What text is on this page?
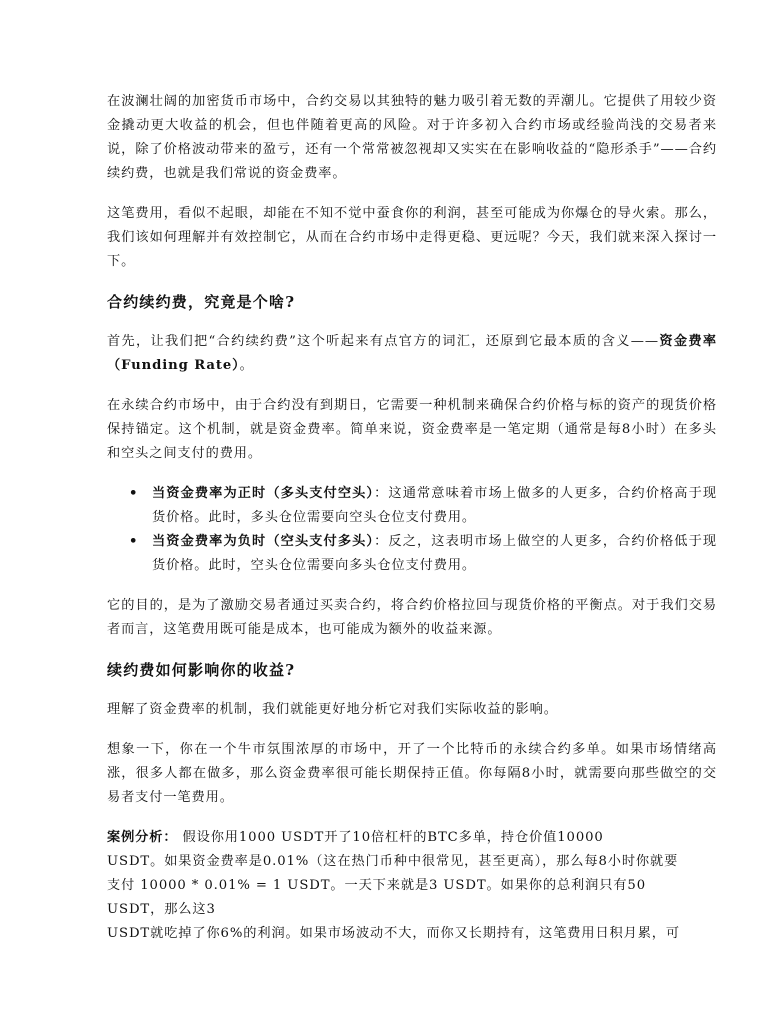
在波澜壮阔的加密货币市场中，合约交易以其独特的魅力吸引着无数的弄潮儿。它提供了用较少资金撬动更大收益的机会，但也伴随着更高的风险。对于许多初入合约市场或经验尚浅的交易者来说，除了价格波动带来的盈亏，还有一个常常被忽视却又实实在在影响收益的“隐形杀手”——合约续约费，也就是我们常说的资金费率。

这笔费用，看似不起眼，却能在不知不觉中蚕食你的利润，甚至可能成为你爆仓的导火索。那么，我们该如何理解并有效控制它，从而在合约市场中走得更稳、更远呢？今天，我们就来深入探讨一下。

合约续约费，究竟是个啥?

首先，让我们把“合约续约费”这个听起来有点官方的词汇，还原到它最本质的含义——资金费率（Funding Rate）。

在永续合约市场中，由于合约没有到期日，它需要一种机制来确保合约价格与标的资产的现货价格保持锚定。这个机制，就是资金费率。简单来说，资金费率是一笔定期（通常是每8小时）在多头和空头之间支付的费用。

• 当资金费率为正时（多头支付空头）：这通常意味着市场上做多的人更多，合约价格高于现货价格。此时，多头仓位需要向空头仓位支付费用。
• 当资金费率为负时（空头支付多头）：反之，这表明市场上做空的人更多，合约价格低于现货价格。此时，空头仓位需要向多头仓位支付费用。

它的目的，是为了激励交易者通过买卖合约，将合约价格拉回与现货价格的平衡点。对于我们交易者而言，这笔费用既可能是成本，也可能成为额外的收益来源。

续约费如何影响你的收益?

理解了资金费率的机制，我们就能更好地分析它对我们实际收益的影响。

想象一下，你在一个牛市氛围浓厚的市场中，开了一个比特币的永续合约多单。如果市场情绪高涨，很多人都在做多，那么资金费率很可能长期保持正值。你每隔8小时，就需要向那些做空的交易者支付一笔费用。

案例分析： 假设你用1000 USDT开了10倍杠杆的BTC多单，持仓价值10000
USDT。如果资金费率是0.01%（这在热门币种中很常见，甚至更高），那么每8小时你就要
支付 10000 * 0.01% = 1 USDT。一天下来就是3 USDT。如果你的总利润只有50
USDT，那么这3
USDT就吃掉了你6%的利润。如果市场波动不大，而你又长期持有，这笔费用日积月累，可
